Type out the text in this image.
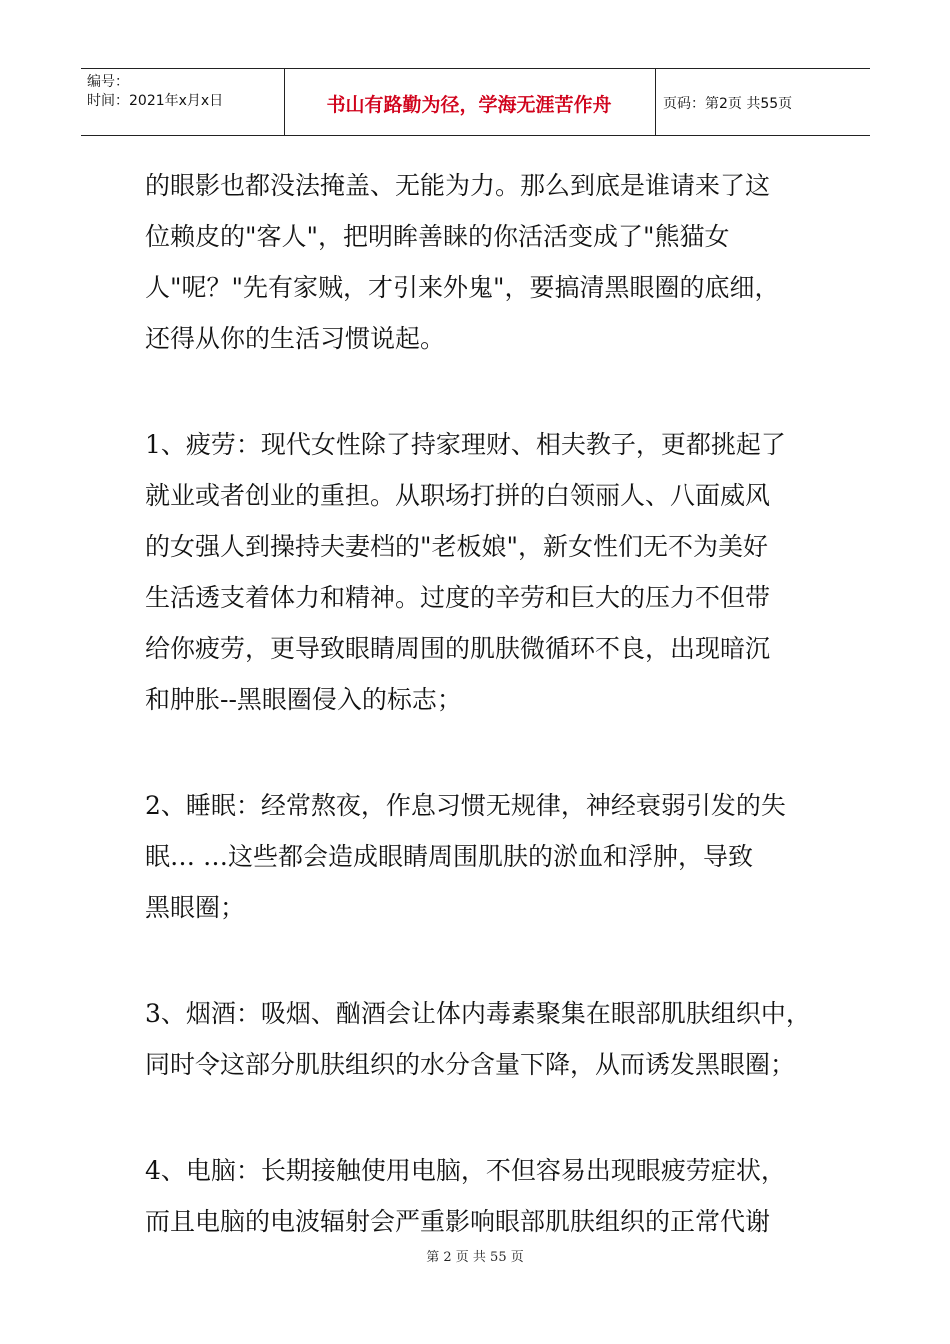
编号：
时间：2021年x月x日	书山有路勤为径，学海无涯苦作舟	页码：第2页 共55页
的眼影也都没法掩盖、无能为力。那么到底是谁请来了这
位赖皮的"客人"，把明眸善睐的你活活变成了"熊猫女
人"呢？"先有家贼，才引来外鬼"，要搞清黑眼圈的底细，
还得从你的生活习惯说起。
1、疲劳：现代女性除了持家理财、相夫教子，更都挑起了
就业或者创业的重担。从职场打拼的白领丽人、八面威风
的女强人到操持夫妻档的"老板娘"，新女性们无不为美好
生活透支着体力和精神。过度的辛劳和巨大的压力不但带
给你疲劳，更导致眼睛周围的肌肤微循环不良，出现暗沉
和肿胀--黑眼圈侵入的标志；
2、睡眠：经常熬夜，作息习惯无规律，神经衰弱引发的失
眠… …这些都会造成眼睛周围肌肤的淤血和浮肿，导致
黑眼圈；
3、烟酒：吸烟、酗酒会让体内毒素聚集在眼部肌肤组织中，
同时令这部分肌肤组织的水分含量下降，从而诱发黑眼圈；
4、电脑：长期接触使用电脑，不但容易出现眼疲劳症状，
而且电脑的电波辐射会严重影响眼部肌肤组织的正常代谢
第 2 页 共 55 页
